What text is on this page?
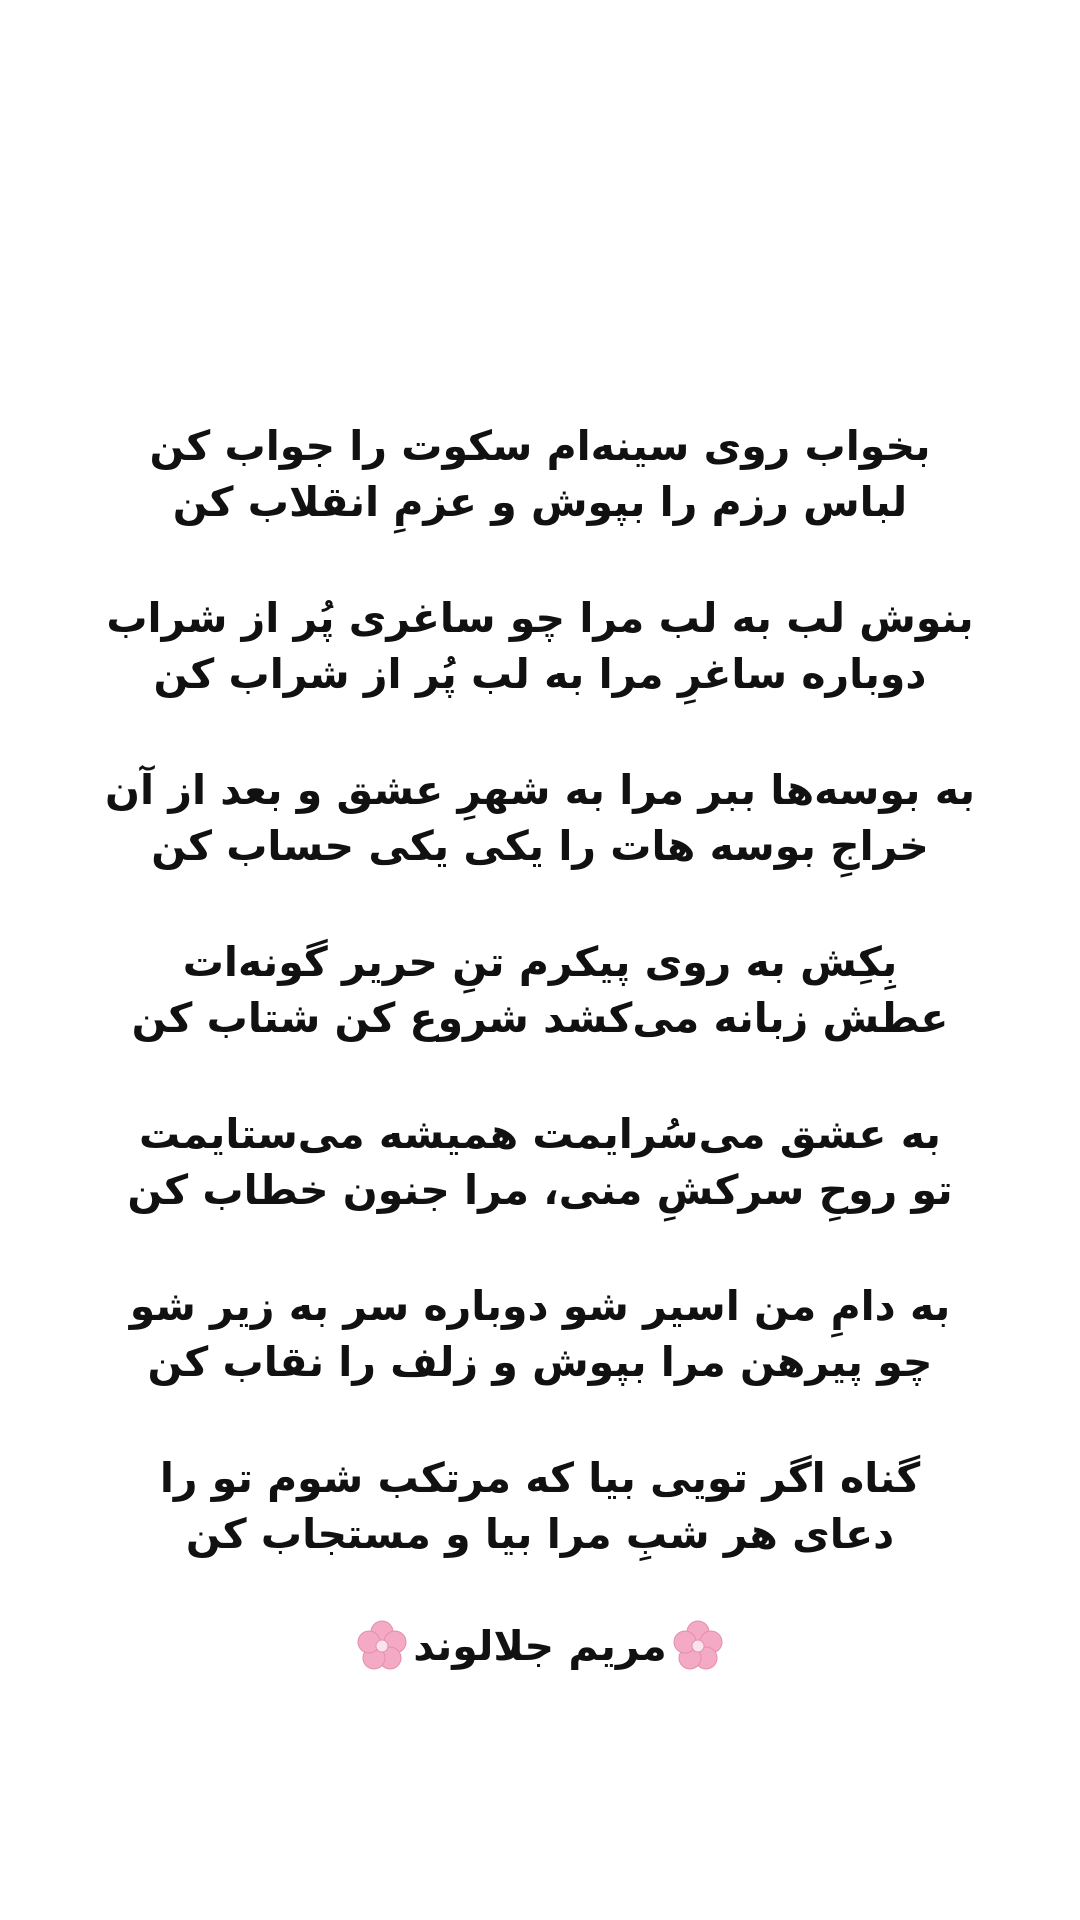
بخواب روی سینه‌ام سکوت را جواب کن
لباس رزم را بپوش و عزمِ انقلاب کن
بنوش لب به لب مرا چو ساغری پُر از شراب
دوباره ساغرِ مرا به لب پُر از شراب کن
به بوسه‌ها ببر مرا به شهرِ عشق و بعد از آن
خراجِ بوسه هات را یکی یکی حساب کن
بِکِش به روی پیکرم تنِ حریر گونه‌ات
عطش زبانه می‌کشد شروع کن شتاب کن
به عشق می‌سُرایمت همیشه می‌ستایمت
تو روحِ سرکشِ منی، مرا جنون خطاب کن
به دامِ من اسیر شو دوباره سر به زیر شو
چو پیرهن مرا بپوش و زلف را نقاب کن
گناه اگر تویی بیا که مرتکب شوم تو را
دعای هر شبِ مرا بیا و مستجاب کن
مریم جلالوند
